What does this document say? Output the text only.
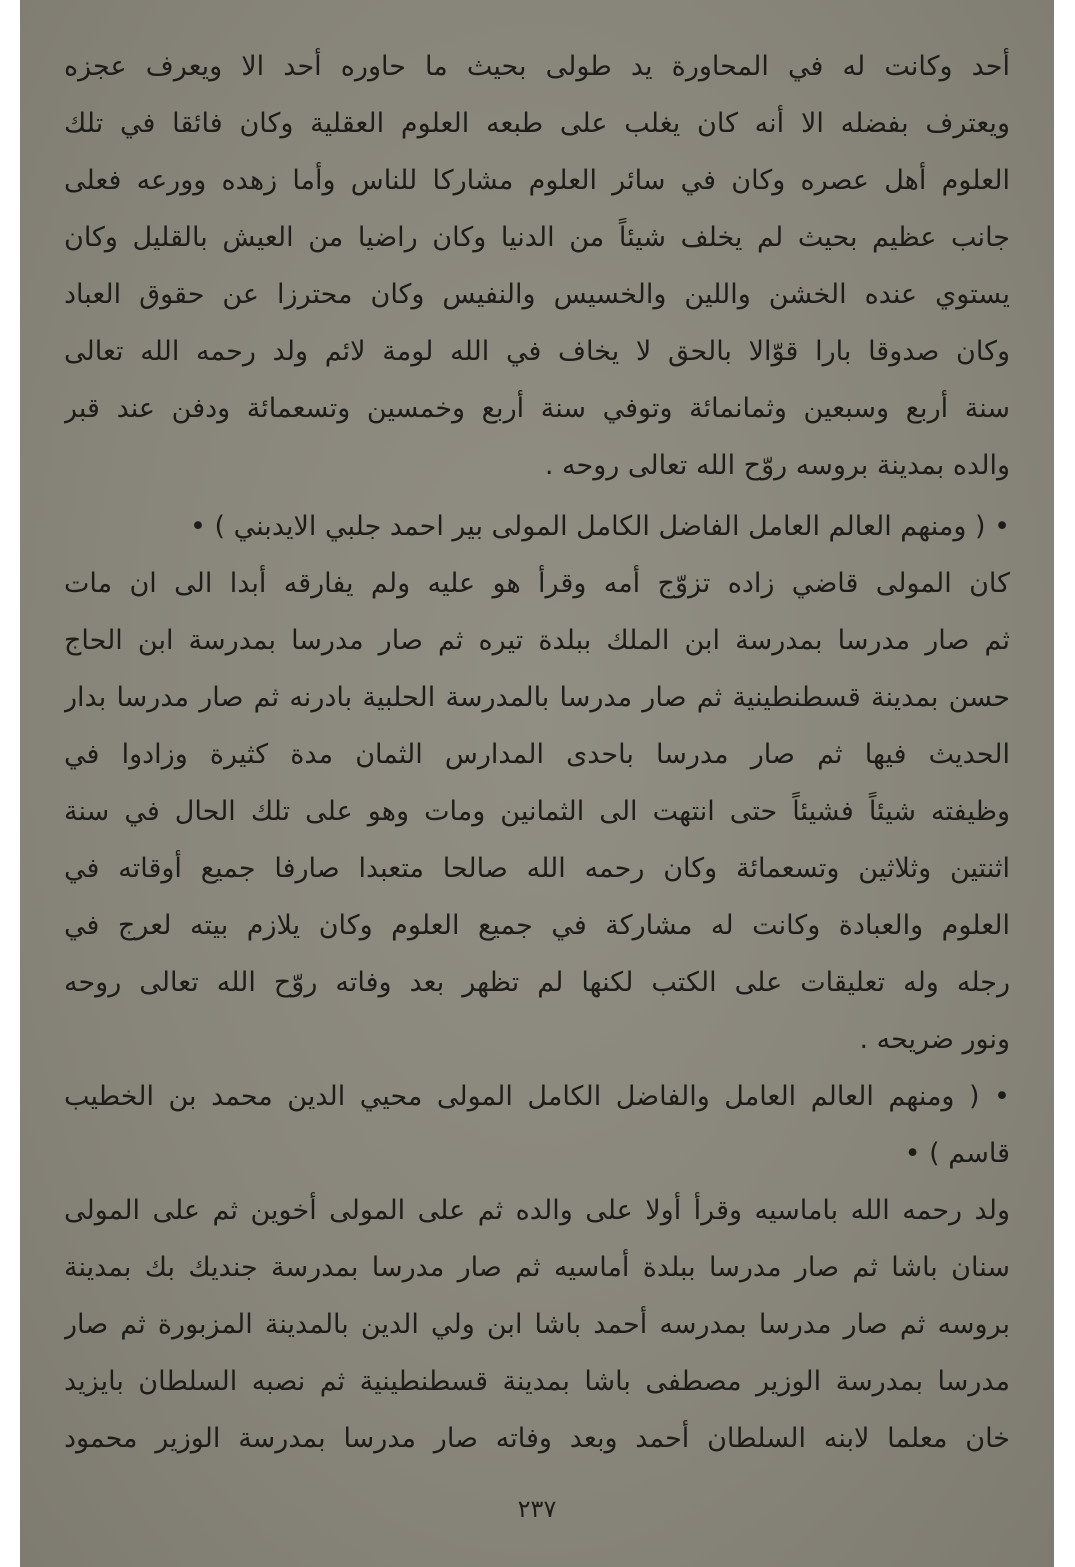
أحد وكانت له في المحاورة يد طولى بحيث ما حاوره أحد الا ويعرف عجزه
ويعترف بفضله الا أنه كان يغلب على طبعه العلوم العقلية وكان فائقا في تلك
العلوم أهل عصره وكان في سائر العلوم مشاركا للناس وأما زهده وورعه فعلى
جانب عظيم بحيث لم يخلف شيئاً من الدنيا وكان راضيا من العيش بالقليل وكان
يستوي عنده الخشن واللين والخسيس والنفيس وكان محترزا عن حقوق العباد
وكان صدوقا بارا قوّالا بالحق لا يخاف في الله لومة لائم ولد رحمه الله تعالى
سنة أربع وسبعين وثمانمائة وتوفي سنة أربع وخمسين وتسعمائة ودفن عند قبر
والده بمدينة بروسه روّح الله تعالى روحه .
• ( ومنهم العالم العامل الفاضل الكامل المولى بير احمد جلبي الايدبني ) •
كان المولى قاضي زاده تزوّج أمه وقرأ هو عليه ولم يفارقه أبدا الى ان مات
ثم صار مدرسا بمدرسة ابن الملك ببلدة تيره ثم صار مدرسا بمدرسة ابن الحاج
حسن بمدينة قسطنطينية ثم صار مدرسا بالمدرسة الحلبية بادرنه ثم صار مدرسا بدار
الحديث فيها ثم صار مدرسا باحدى المدارس الثمان مدة كثيرة وزادوا في
وظيفته شيئاً فشيئاً حتى انتهت الى الثمانين ومات وهو على تلك الحال في سنة
اثنتين وثلاثين وتسعمائة وكان رحمه الله صالحا متعبدا صارفا جميع أوقاته في
العلوم والعبادة وكانت له مشاركة في جميع العلوم وكان يلازم بيته لعرج في
رجله وله تعليقات على الكتب لكنها لم تظهر بعد وفاته روّح الله تعالى روحه
ونور ضريحه .
• ( ومنهم العالم العامل والفاضل الكامل المولى محيي الدين محمد بن الخطيب
قاسم ) •
ولد رحمه الله باماسيه وقرأ أولا على والده ثم على المولى أخوين ثم على المولى
سنان باشا ثم صار مدرسا ببلدة أماسيه ثم صار مدرسا بمدرسة جنديك بك بمدينة
بروسه ثم صار مدرسا بمدرسه أحمد باشا ابن ولي الدين بالمدينة المزبورة ثم صار
مدرسا بمدرسة الوزير مصطفى باشا بمدينة قسطنطينية ثم نصبه السلطان بايزيد
خان معلما لابنه السلطان أحمد وبعد وفاته صار مدرسا بمدرسة الوزير محمود
٢٣٧
